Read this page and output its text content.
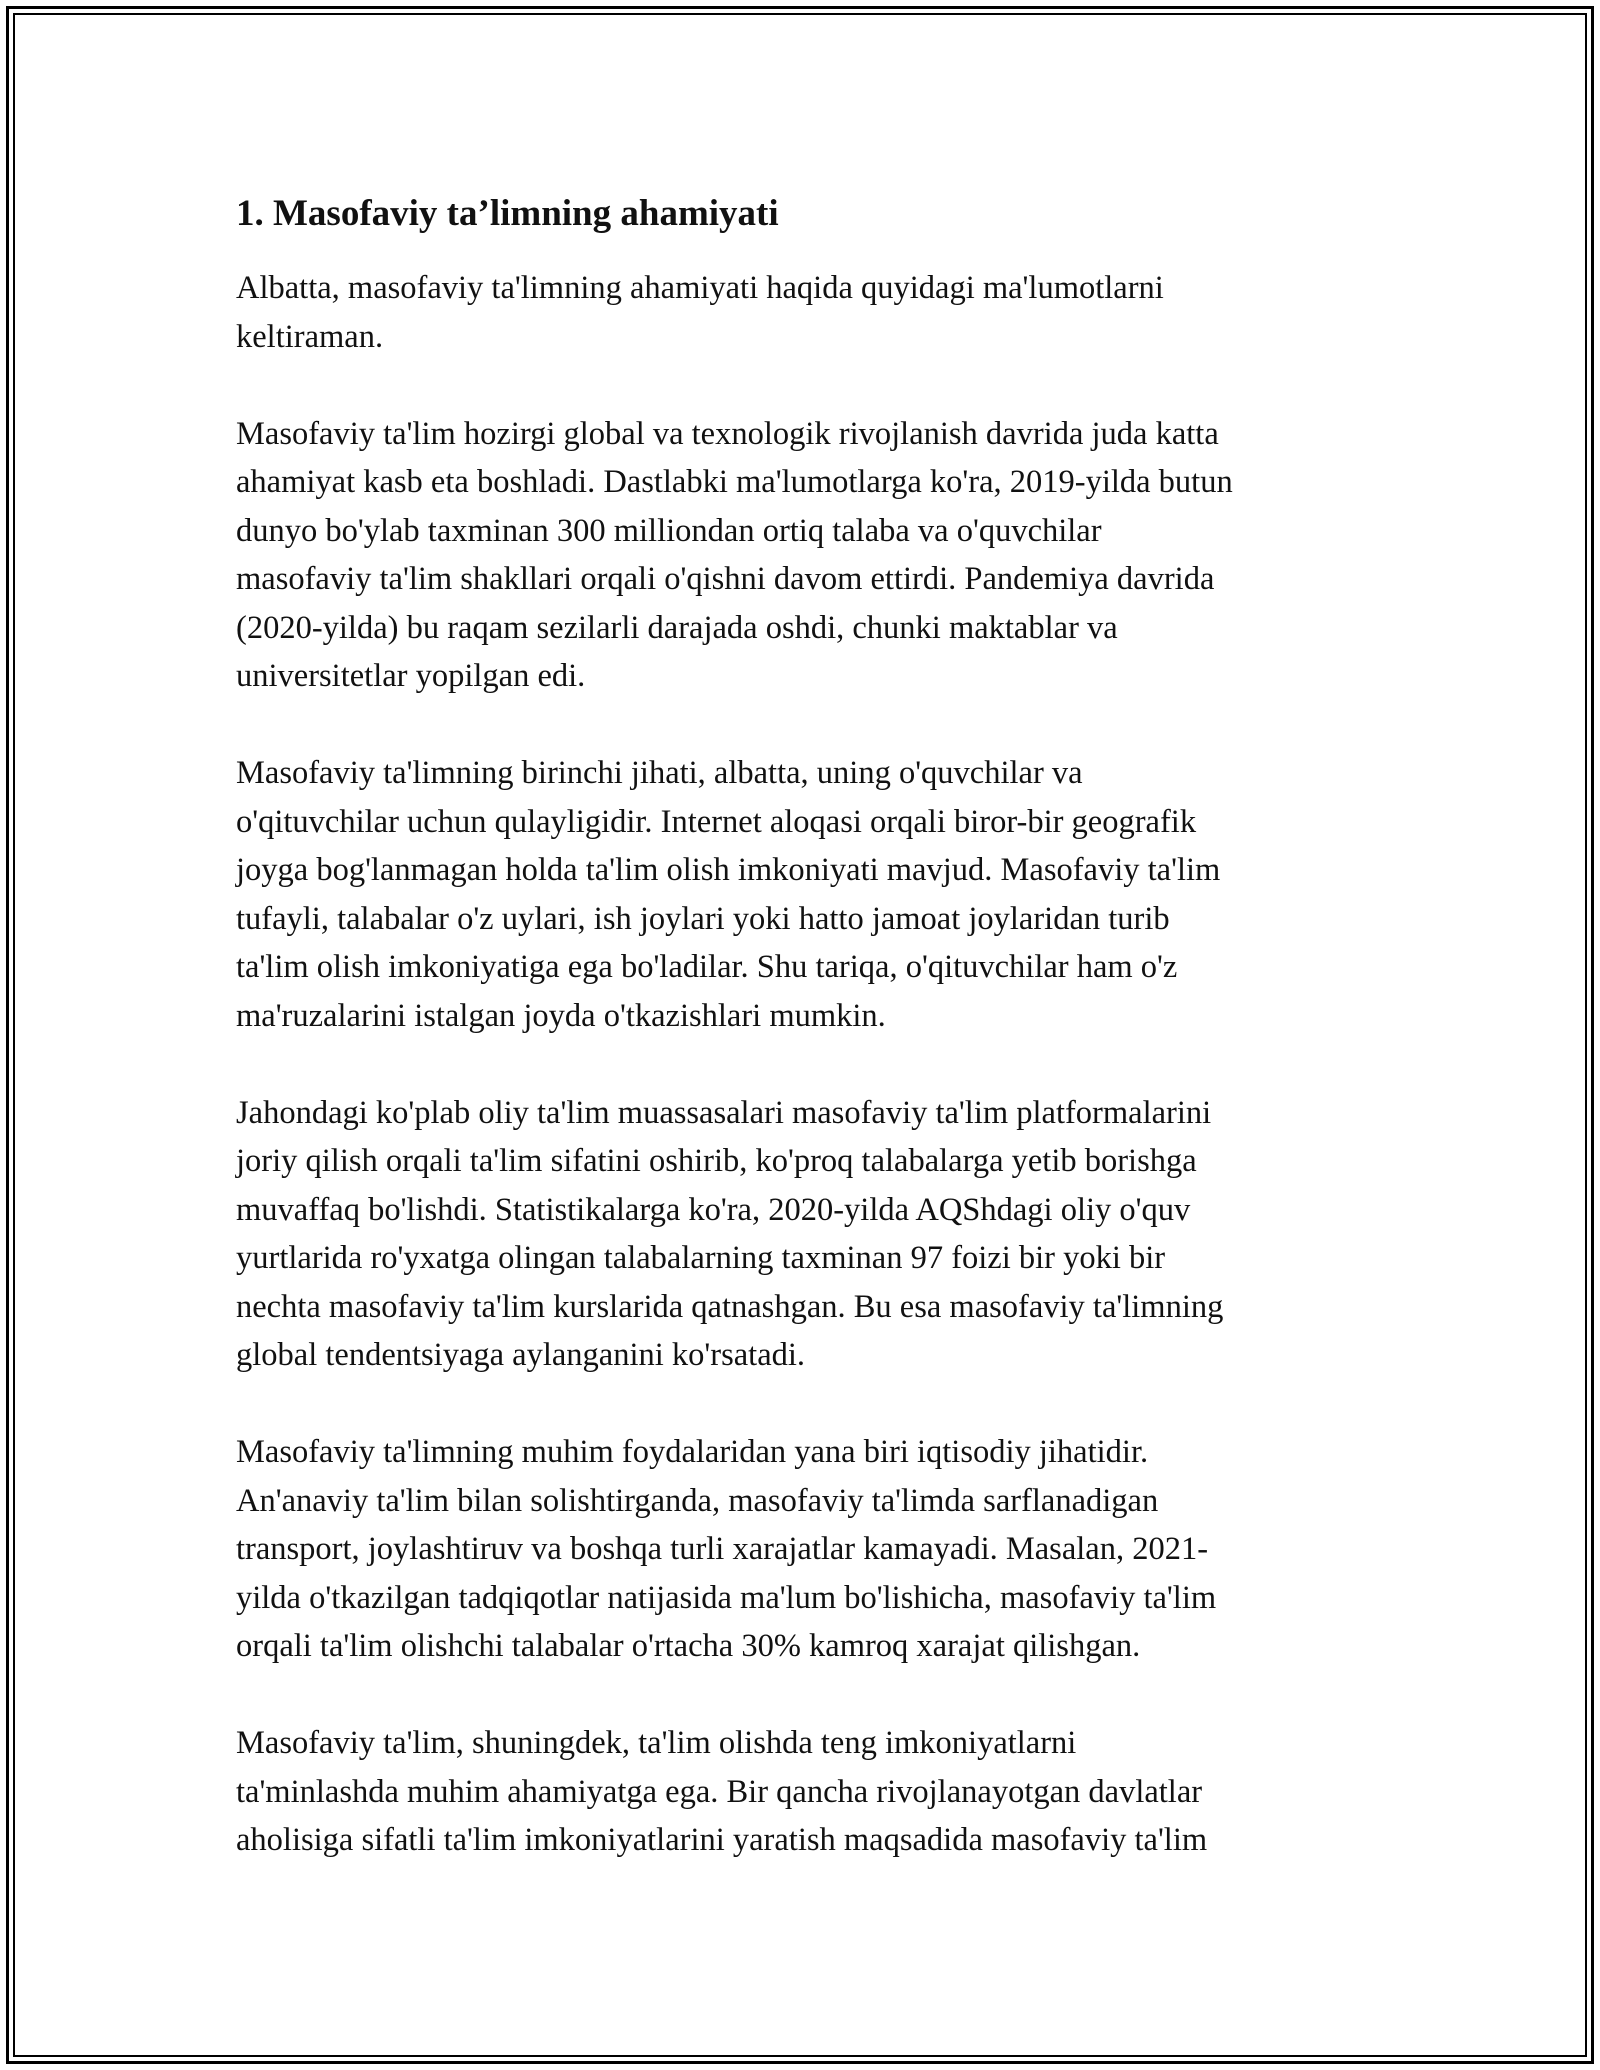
1. Masofaviy ta’limning ahamiyati

Albatta, masofaviy ta'limning ahamiyati haqida quyidagi ma'lumotlarni
keltiraman.

Masofaviy ta'lim hozirgi global va texnologik rivojlanish davrida juda katta
ahamiyat kasb eta boshladi. Dastlabki ma'lumotlarga ko'ra, 2019-yilda butun
dunyo bo'ylab taxminan 300 milliondan ortiq talaba va o'quvchilar
masofaviy ta'lim shakllari orqali o'qishni davom ettirdi. Pandemiya davrida
(2020-yilda) bu raqam sezilarli darajada oshdi, chunki maktablar va
universitetlar yopilgan edi.

Masofaviy ta'limning birinchi jihati, albatta, uning o'quvchilar va
o'qituvchilar uchun qulayligidir. Internet aloqasi orqali biror-bir geografik
joyga bog'lanmagan holda ta'lim olish imkoniyati mavjud. Masofaviy ta'lim
tufayli, talabalar o'z uylari, ish joylari yoki hatto jamoat joylaridan turib
ta'lim olish imkoniyatiga ega bo'ladilar. Shu tariqa, o'qituvchilar ham o'z
ma'ruzalarini istalgan joyda o'tkazishlari mumkin.

Jahondagi ko'plab oliy ta'lim muassasalari masofaviy ta'lim platformalarini
joriy qilish orqali ta'lim sifatini oshirib, ko'proq talabalarga yetib borishga
muvaffaq bo'lishdi. Statistikalarga ko'ra, 2020-yilda AQShdagi oliy o'quv
yurtlarida ro'yxatga olingan talabalarning taxminan 97 foizi bir yoki bir
nechta masofaviy ta'lim kurslarida qatnashgan. Bu esa masofaviy ta'limning
global tendentsiyaga aylanganini ko'rsatadi.

Masofaviy ta'limning muhim foydalaridan yana biri iqtisodiy jihatidir.
An'anaviy ta'lim bilan solishtirganda, masofaviy ta'limda sarflanadigan
transport, joylashtiruv va boshqa turli xarajatlar kamayadi. Masalan, 2021-
yilda o'tkazilgan tadqiqotlar natijasida ma'lum bo'lishicha, masofaviy ta'lim
orqali ta'lim olishchi talabalar o'rtacha 30% kamroq xarajat qilishgan.

Masofaviy ta'lim, shuningdek, ta'lim olishda teng imkoniyatlarni
ta'minlashda muhim ahamiyatga ega. Bir qancha rivojlanayotgan davlatlar
aholisiga sifatli ta'lim imkoniyatlarini yaratish maqsadida masofaviy ta'lim
